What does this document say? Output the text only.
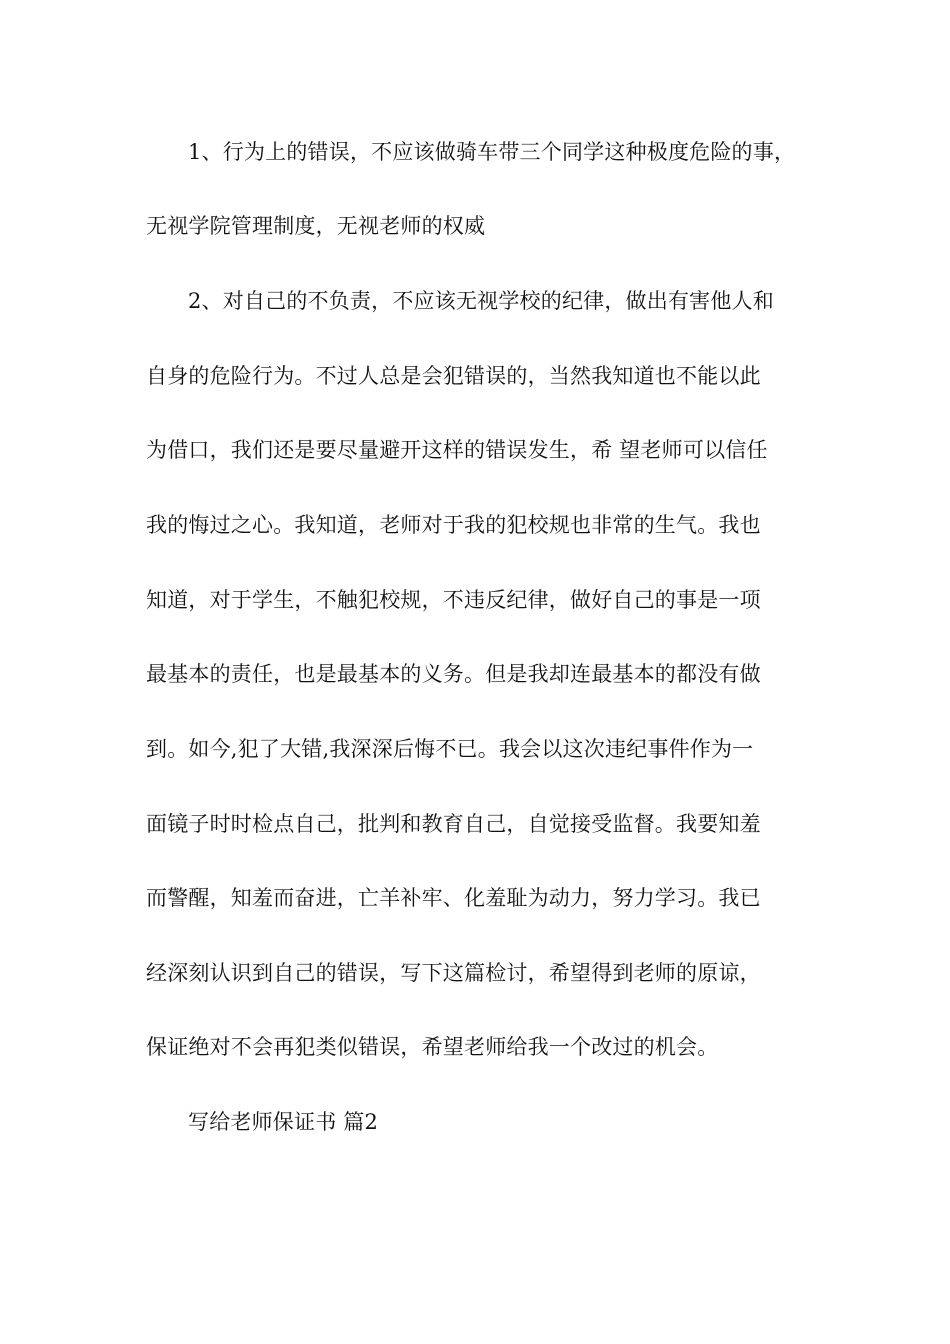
1、行为上的错误，不应该做骑车带三个同学这种极度危险的事，
无视学院管理制度，无视老师的权威
2、对自己的不负责，不应该无视学校的纪律，做出有害他人和
自身的危险行为。不过人总是会犯错误的，当然我知道也不能以此
为借口，我们还是要尽量避开这样的错误发生，希 望老师可以信任
我的悔过之心。我知道，老师对于我的犯校规也非常的生气。我也
知道，对于学生，不触犯校规，不违反纪律，做好自己的事是一项
最基本的责任，也是最基本的义务。但是我却连最基本的都没有做
到。如今,犯了大错,我深深后悔不已。我会以这次违纪事件作为一
面镜子时时检点自己，批判和教育自己，自觉接受监督。我要知羞
而警醒，知羞而奋进，亡羊补牢、化羞耻为动力，努力学习。我已
经深刻认识到自己的错误，写下这篇检讨，希望得到老师的原谅，
保证绝对不会再犯类似错误，希望老师给我一个改过的机会。
写给老师保证书 篇2
